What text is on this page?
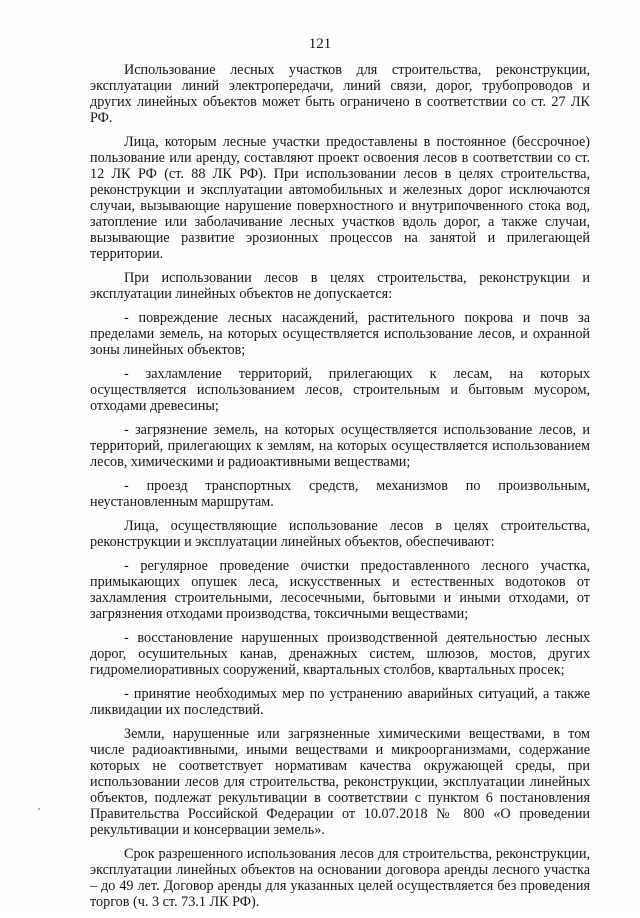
121

Использование лесных участков для строительства, реконструкции, эксплуатации линий электропередачи, линий связи, дорог, трубопроводов и других линейных объектов может быть ограничено в соответствии со ст. 27 ЛК РФ.

Лица, которым лесные участки предоставлены в постоянное (бессрочное) пользование или аренду, составляют проект освоения лесов в соответствии со ст. 12 ЛК РФ (ст. 88 ЛК РФ). При использовании лесов в целях строительства, реконструкции и эксплуатации автомобильных и железных дорог исключаются случаи, вызывающие нарушение поверхностного и внутрипочвенного стока вод, затопление или заболачивание лесных участков вдоль дорог, а также случаи, вызывающие развитие эрозионных процессов на занятой и прилегающей территории.

При использовании лесов в целях строительства, реконструкции и эксплуатации линейных объектов не допускается:

- повреждение лесных насаждений, растительного покрова и почв за пределами земель, на которых осуществляется использование лесов, и охранной зоны линейных объектов;

- захламление территорий, прилегающих к лесам, на которых осуществляется использованием лесов, строительным и бытовым мусором, отходами древесины;

- загрязнение земель, на которых осуществляется использование лесов, и территорий, прилегающих к землям, на которых осуществляется использованием лесов, химическими и радиоактивными веществами;

- проезд транспортных средств, механизмов по произвольным, неустановленным маршрутам.

Лица, осуществляющие использование лесов в целях строительства, реконструкции и эксплуатации линейных объектов, обеспечивают:

- регулярное проведение очистки предоставленного лесного участка, примыкающих опушек леса, искусственных и естественных водотоков от захламления строительными, лесосечными, бытовыми и иными отходами, от загрязнения отходами производства, токсичными веществами;

- восстановление нарушенных производственной деятельностью лесных дорог, осушительных канав, дренажных систем, шлюзов, мостов, других гидромелиоративных сооружений, квартальных столбов, квартальных просек;

- принятие необходимых мер по устранению аварийных ситуаций, а также ликвидации их последствий.

Земли, нарушенные или загрязненные химическими веществами, в том числе радиоактивными, иными веществами и микроорганизмами, содержание которых не соответствует нормативам качества окружающей среды, при использовании лесов для строительства, реконструкции, эксплуатации линейных объектов, подлежат рекультивации в соответствии с пунктом 6 постановления Правительства Российской Федерации от 10.07.2018 № 800 «О проведении рекультивации и консервации земель».

Срок разрешенного использования лесов для строительства, реконструкции, эксплуатации линейных объектов на основании договора аренды лесного участка – до 49 лет. Договор аренды для указанных целей осуществляется без проведения торгов (ч. 3 ст. 73.1 ЛК РФ).
